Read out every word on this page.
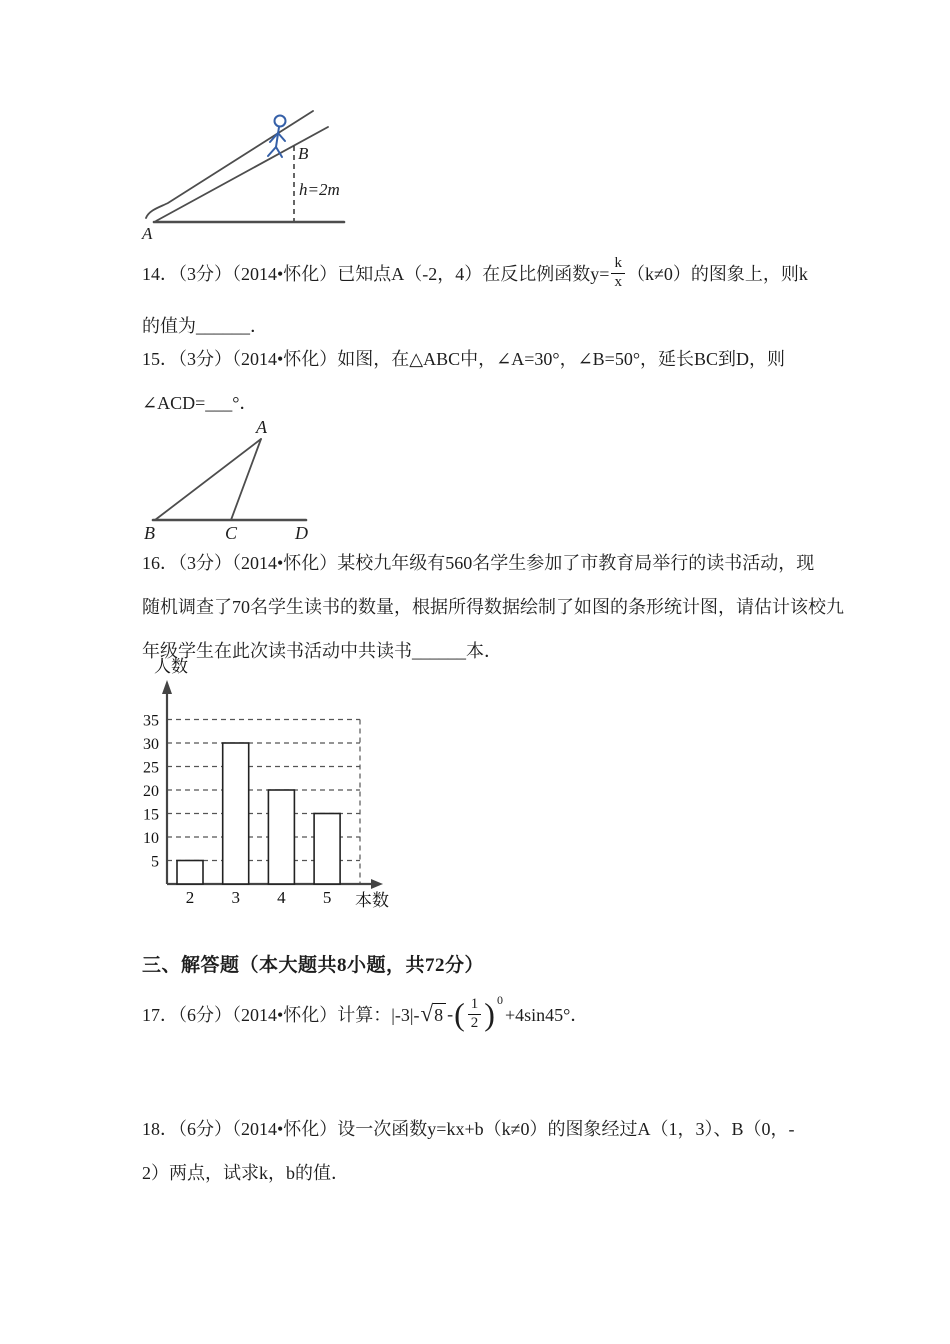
A
B
h=2m
14．（3分）（2014•怀化）已知点A（-2，4）在反比例函数$y= \frac{k}{x} (k\ne 0)$的图象上，则k
的值为______．
15．（3分）（2014•怀化）如图，在△ABC中，∠A=30°，∠B=50°，延长BC到D，则
∠ACD=___°．
A
B	C	D
16．（3分）（2014•怀化）某校九年级有560名学生参加了市教育局举行的读书活动，现
随机调查了70名学生读书的数量，根据所得数据绘制了如图的条形统计图，请估计该校九
年级学生在此次读书活动中共读书______本．
5
10
15
20
25
30
35
2 3 4 5
人数
本数
三、解答题（本大题共8小题，共72分）
17．（6分）（2014•怀化）计算：|-3|- √ 8 - ( $\frac{1}{2}$ ) 0
+4sin45°．
18．（6分）（2014•怀化）设一次函数y=kx+b（k≠0）的图象经过A（1，3）、B（0，-
2）两点，试求k，b的值．
